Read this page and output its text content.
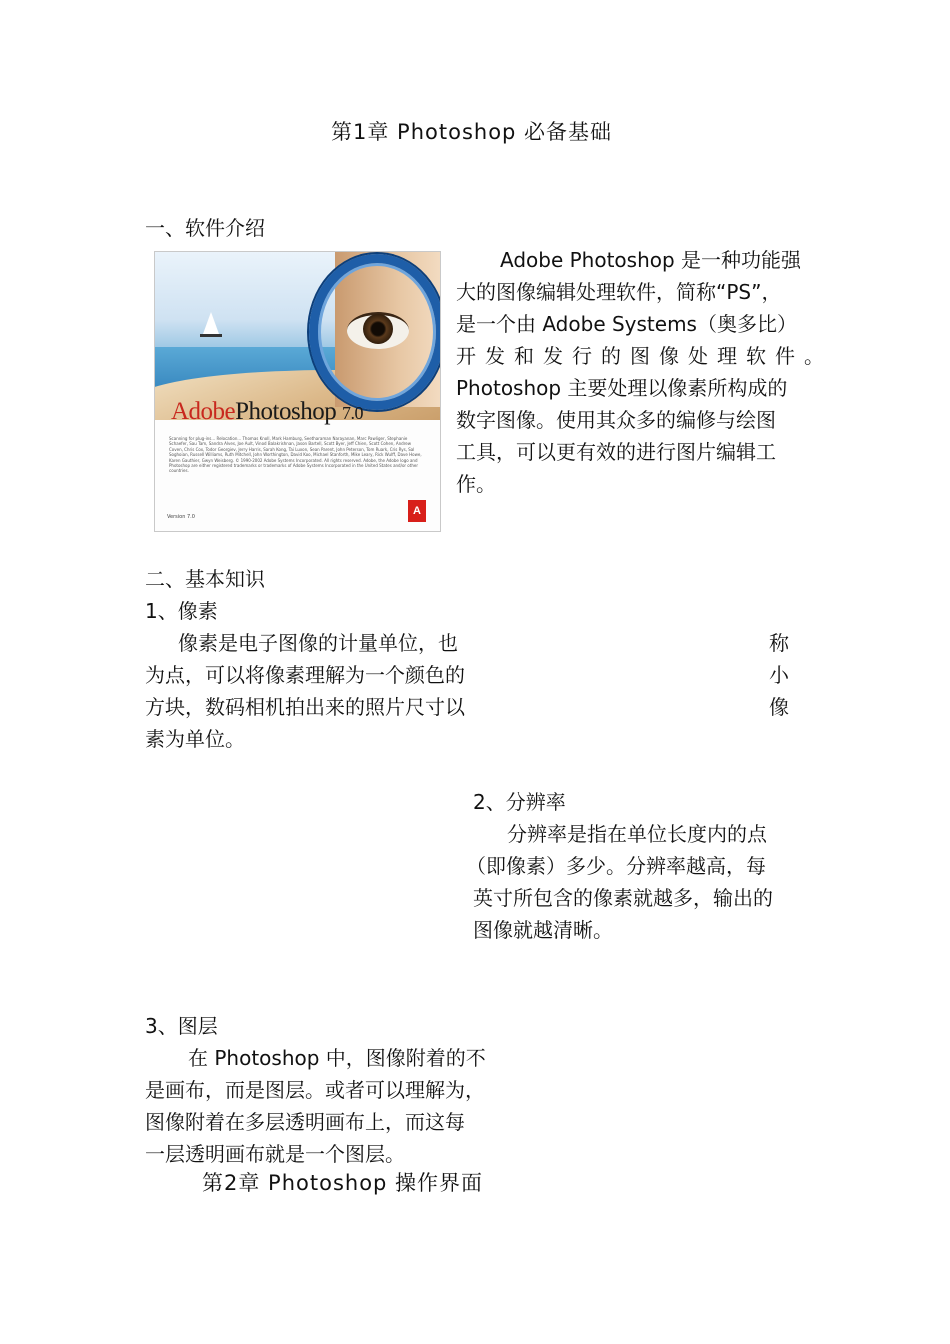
第1章 Photoshop 必备基础
一、软件介绍
AdobePhotoshop 7.0
Scanning for plug-ins... Relocation... Thomas Knoll, Mark Hamburg, Seetharaman Narayanan, Marc Pawliger, Stephanie Schaefer, Sau Tam, Sandra Alves, Joe Ault, Vinod Balakrishnan, Jason Bartell, Scott Byer, Jeff Chien, Scott Cohen, Andrew Coven, Chris Cox, Todor Georgiev, Jerry Harris, Sarah Kong, Tai Luxon, Sean Parent, John Peterson, Tom Ruark, Cris Rys, Sal Soghoian, Russell Williams, Ruth Mitchell, John Worthington, David Koo, Michael Stanforth, Mike Leary, Rick Wulff, Dave Howe, Karen Gauthier, Gwyn Weisberg. © 1990-2002 Adobe Systems Incorporated. All rights reserved. Adobe, the Adobe logo and Photoshop are either registered trademarks or trademarks of Adobe Systems Incorporated in the United States and/or other countries.
Version 7.0	A
Adobe Photoshop 是一种功能强
大的图像编辑处理软件，简称“PS”，
是一个由 Adobe Systems（奥多比）
开发和发行的图像处理软件。
Photoshop 主要处理以像素所构成的
数字图像。使用其众多的编修与绘图
工具，可以更有效的进行图片编辑工
作。
二、基本知识
1、像素
像素是电子图像的计量单位，也
为点，可以将像素理解为一个颜色的
方块，数码相机拍出来的照片尺寸以
素为单位。
称
小
像
2、分辨率
分辨率是指在单位长度内的点
（即像素）多少。分辨率越高，每
英寸所包含的像素就越多，输出的
图像就越清晰。
3、图层
在 Photoshop 中，图像附着的不
是画布，而是图层。或者可以理解为，
图像附着在多层透明画布上，而这每
一层透明画布就是一个图层。
第2章 Photoshop 操作界面
